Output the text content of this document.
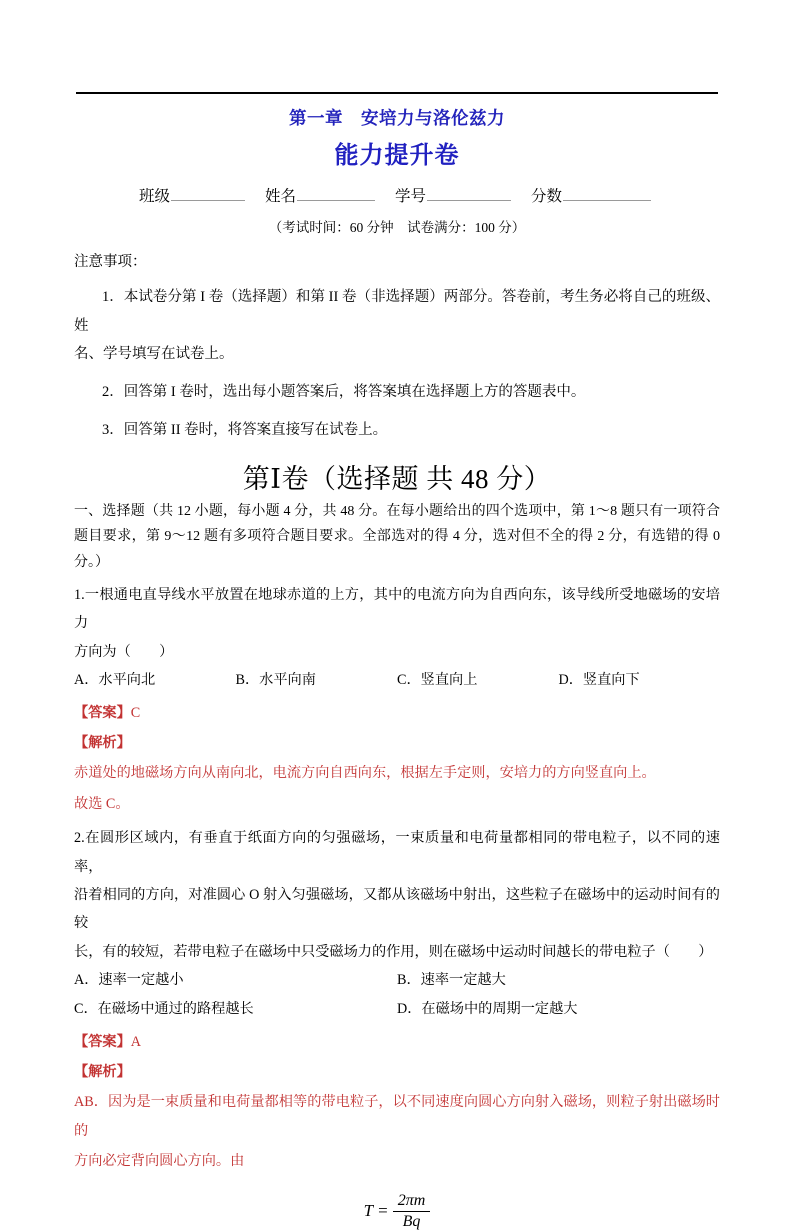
第一章　安培力与洛伦兹力
能力提升卷
班级	姓名	学号	分数
（考试时间：60 分钟　试卷满分：100 分）
注意事项：
1．本试卷分第 I 卷（选择题）和第 II 卷（非选择题）两部分。答卷前，考生务必将自己的班级、姓
名、学号填写在试卷上。
2．回答第 I 卷时，选出每小题答案后，将答案填在选择题上方的答题表中。
3．回答第 II 卷时，将答案直接写在试卷上。
第Ⅰ卷（选择题 共 48 分）
一、选择题（共 12 小题，每小题 4 分，共 48 分。在每小题给出的四个选项中，第 1～8 题只有一项符合题目要求，第 9～12 题有多项符合题目要求。全部选对的得 4 分，选对但不全的得 2 分，有选错的得 0 分。）
1.一根通电直导线水平放置在地球赤道的上方，其中的电流方向为自西向东，该导线所受地磁场的安培力
方向为（　　）
A．水平向北	B．水平向南	C．竖直向上	D．竖直向下
【答案】C
【解析】
赤道处的地磁场方向从南向北，电流方向自西向东，根据左手定则，安培力的方向竖直向上。
故选 C。
2.在圆形区域内，有垂直于纸面方向的匀强磁场，一束质量和电荷量都相同的带电粒子，以不同的速率，
沿着相同的方向，对准圆心 O 射入匀强磁场，又都从该磁场中射出，这些粒子在磁场中的运动时间有的较
长，有的较短，若带电粒子在磁场中只受磁场力的作用，则在磁场中运动时间越长的带电粒子（　　）
A．速率一定越小	B．速率一定越大
C．在磁场中通过的路程越长	D．在磁场中的周期一定越大
【答案】A
【解析】
AB．因为是一束质量和电荷量都相等的带电粒子，以不同速度向圆心方向射入磁场，则粒子射出磁场时的
方向必定背向圆心方向。由
$T = \frac{2\pi m}{Bq}$
